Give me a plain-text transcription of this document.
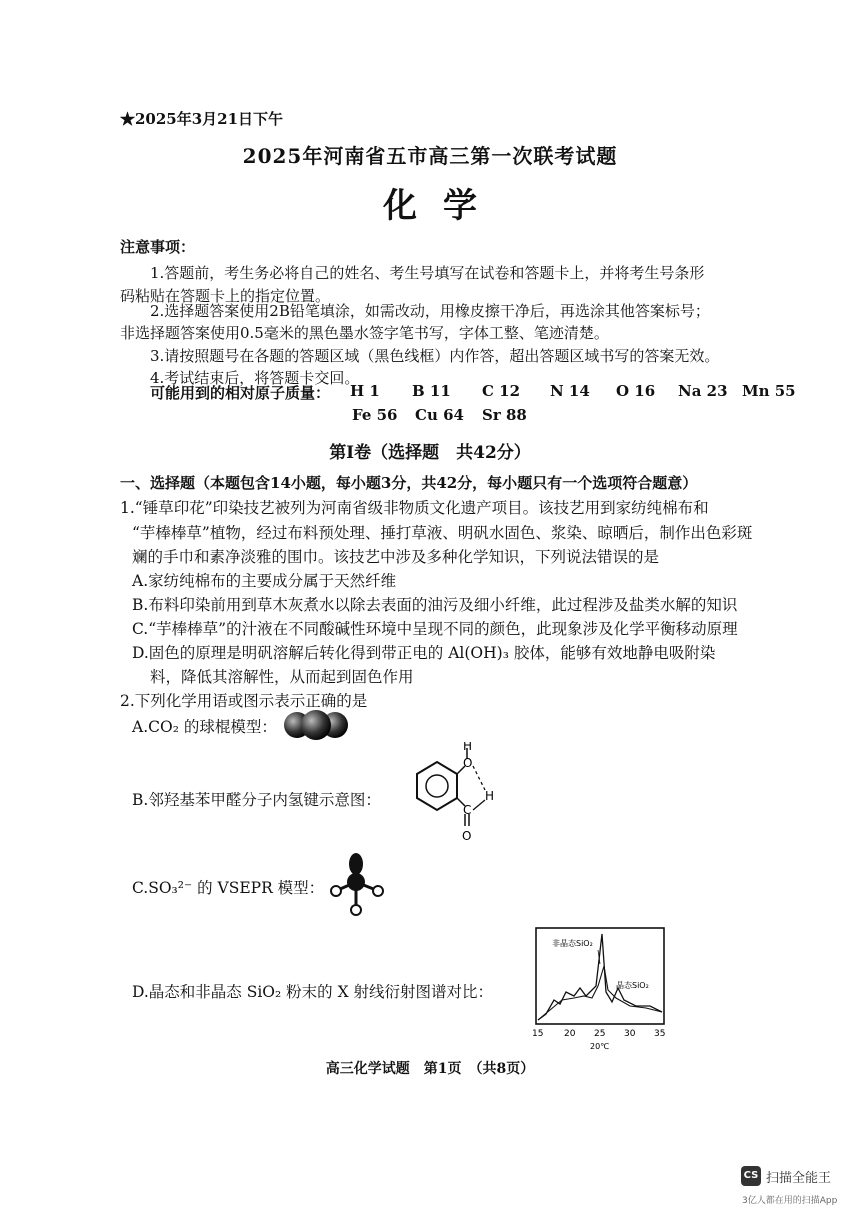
★2025年3月21日下午
2025年河南省五市高三第一次联考试题
化学
注意事项：
1.答题前，考生务必将自己的姓名、考生号填写在试卷和答题卡上，并将考生号条形
码粘贴在答题卡上的指定位置。
2.选择题答案使用2B铅笔填涂，如需改动，用橡皮擦干净后，再选涂其他答案标号；
非选择题答案使用0.5毫米的黑色墨水签字笔书写，字体工整、笔迹清楚。
3.请按照题号在各题的答题区域（黑色线框）内作答，超出答题区域书写的答案无效。
4.考试结束后，将答题卡交回。
可能用到的相对原子质量： H 1 B 11 C 12 N 14 O 16 Na 23 Mn 55
Fe 56 Cu 64 Sr 88
第Ⅰ卷（选择题　共42分）
一、选择题（本题包含14小题，每小题3分，共42分，每小题只有一个选项符合题意）
1.“锤草印花”印染技艺被列为河南省级非物质文化遗产项目。该技艺用到家纺纯棉布和
“芋棒棒草”植物，经过布料预处理、捶打草液、明矾水固色、浆染、晾晒后，制作出色彩斑
斓的手巾和素净淡雅的围巾。该技艺中涉及多种化学知识，下列说法错误的是
A.家纺纯棉布的主要成分属于天然纤维
B.布料印染前用到草木灰煮水以除去表面的油污及细小纤维，此过程涉及盐类水解的知识
C.“芋棒棒草”的汁液在不同酸碱性环境中呈现不同的颜色，此现象涉及化学平衡移动原理
D.固色的原理是明矾溶解后转化得到带正电的 Al(OH)₃ 胶体，能够有效地静电吸附染
料，降低其溶解性，从而起到固色作用
2.下列化学用语或图示表示正确的是
A.CO₂ 的球棍模型：
B.邻羟基苯甲醛分子内氢键示意图：
H
O
H
C
O
C.SO₃²⁻ 的 VSEPR 模型：
D.晶态和非晶态 SiO₂ 粉末的 X 射线衍射图谱对比：
非晶态SiO₂
晶态SiO₂
15 20 25 30 35
20℃
高三化学试题　第1页　（共8页）
CS 扫描全能王
3亿人都在用的扫描App
